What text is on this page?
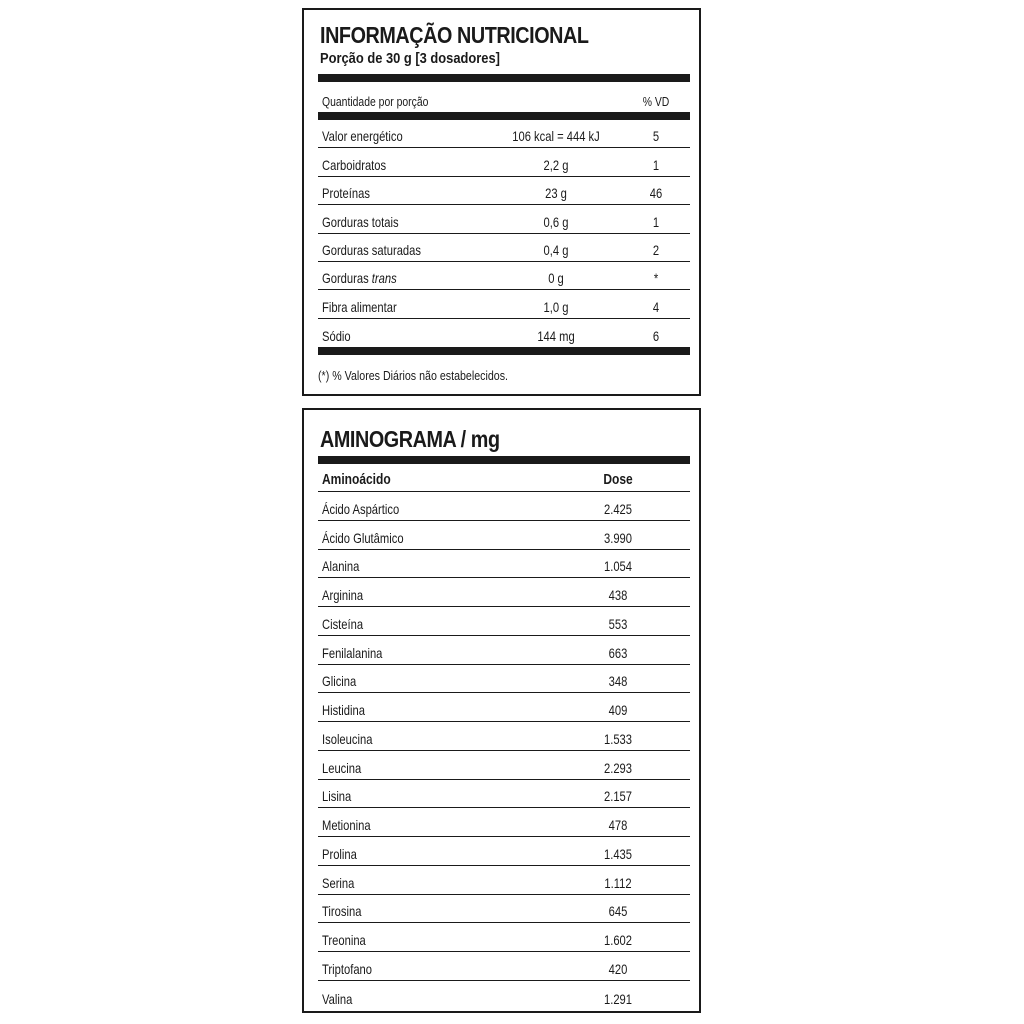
INFORMAÇÃO NUTRICIONAL
Porção de 30 g [3 dosadores]
Quantidade por porção	% VD
Valor energético	106 kcal = 444 kJ	5
Carboidratos	2,2 g	1
Proteínas	23 g	46
Gorduras totais	0,6 g	1
Gorduras saturadas	0,4 g	2
Gorduras trans	0 g	*
Fibra alimentar	1,0 g	4
Sódio	144 mg	6
(*) % Valores Diários não estabelecidos.
AMINOGRAMA / mg
Aminoácido	Dose
Ácido Aspártico	2.425
Ácido Glutâmico	3.990
Alanina	1.054
Arginina	438
Cisteína	553
Fenilalanina	663
Glicina	348
Histidina	409
Isoleucina	1.533
Leucina	2.293
Lisina	2.157
Metionina	478
Prolina	1.435
Serina	1.112
Tirosina	645
Treonina	1.602
Triptofano	420
Valina	1.291
